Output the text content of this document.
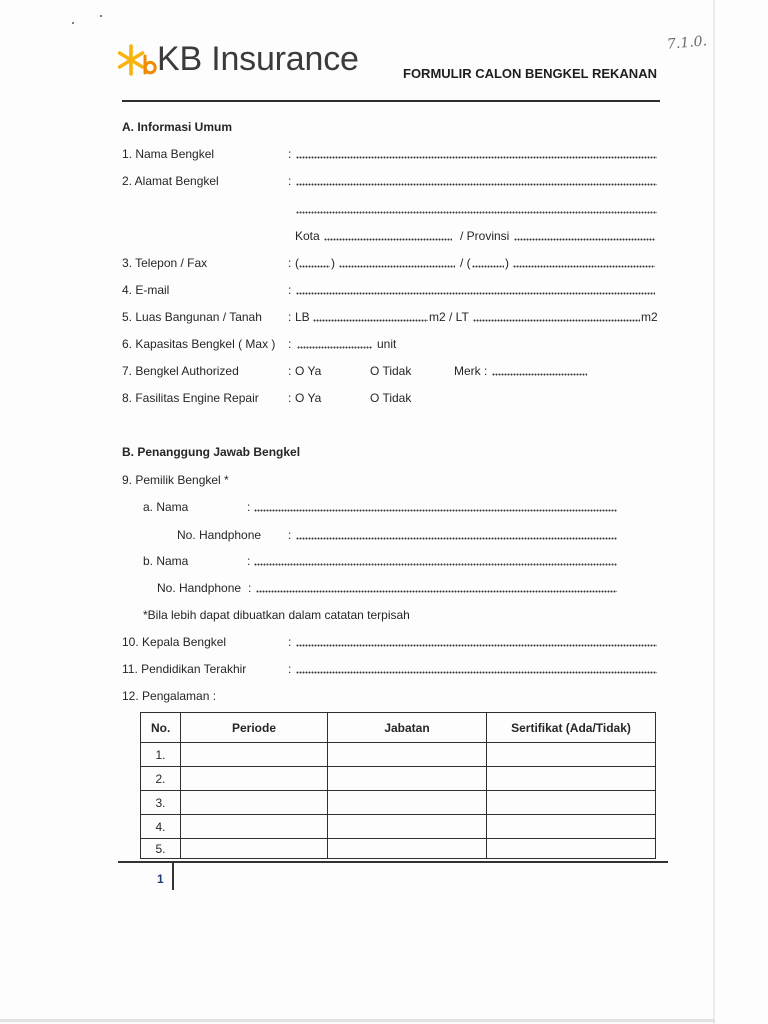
KB Insurance	FORMULIR CALON BENGKEL REKANAN
7.1.0.
A. Informasi Umum
1. Nama Bengkel	:
2. Alamat Bengkel	:
Kota	/ Provinsi
3. Telepon / Fax	: (	)	/ (	)
4. E-mail	:
5. Luas Bangunan / Tanah : LB	m2 / LT	m2
6. Kapasitas Bengkel ( Max ) :	unit
7. Bengkel Authorized	: O Ya	O Tidak	Merk :
8. Fasilitas Engine Repair : O Ya	O Tidak
B. Penanggung Jawab Bengkel
9. Pemilik Bengkel *
a. Nama	:
No. Handphone :
b. Nama	:
No. Handphone :
*Bila lebih dapat dibuatkan dalam catatan terpisah
10. Kepala Bengkel	:
11. Pendidikan Terakhir	:
12. Pengalaman :
No.	Periode	Jabatan	Sertifikat (Ada/Tidak)
1.			
2.			
3.			
4.			
5.			
1
